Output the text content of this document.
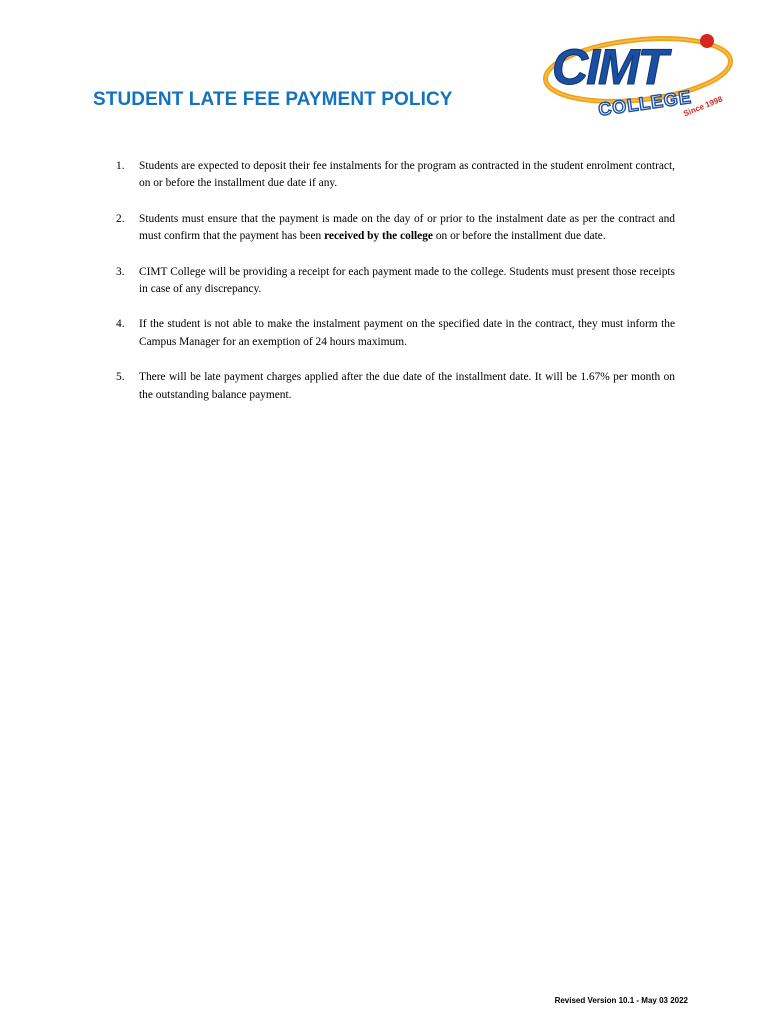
STUDENT LATE FEE PAYMENT POLICY
CIMT
COLLEGE
Since 1998
1. Students are expected to deposit their fee instalments for the program as contracted in the student enrolment contract, on or before the installment due date if any.
2. Students must ensure that the payment is made on the day of or prior to the instalment date as per the contract and must confirm that the payment has been received by the college on or before the installment due date.
3. CIMT College will be providing a receipt for each payment made to the college. Students must present those receipts in case of any discrepancy.
4. If the student is not able to make the instalment payment on the specified date in the contract, they must inform the Campus Manager for an exemption of 24 hours maximum.
5. There will be late payment charges applied after the due date of the installment date. It will be 1.67% per month on the outstanding balance payment.
Revised Version 10.1 - May 03 2022
